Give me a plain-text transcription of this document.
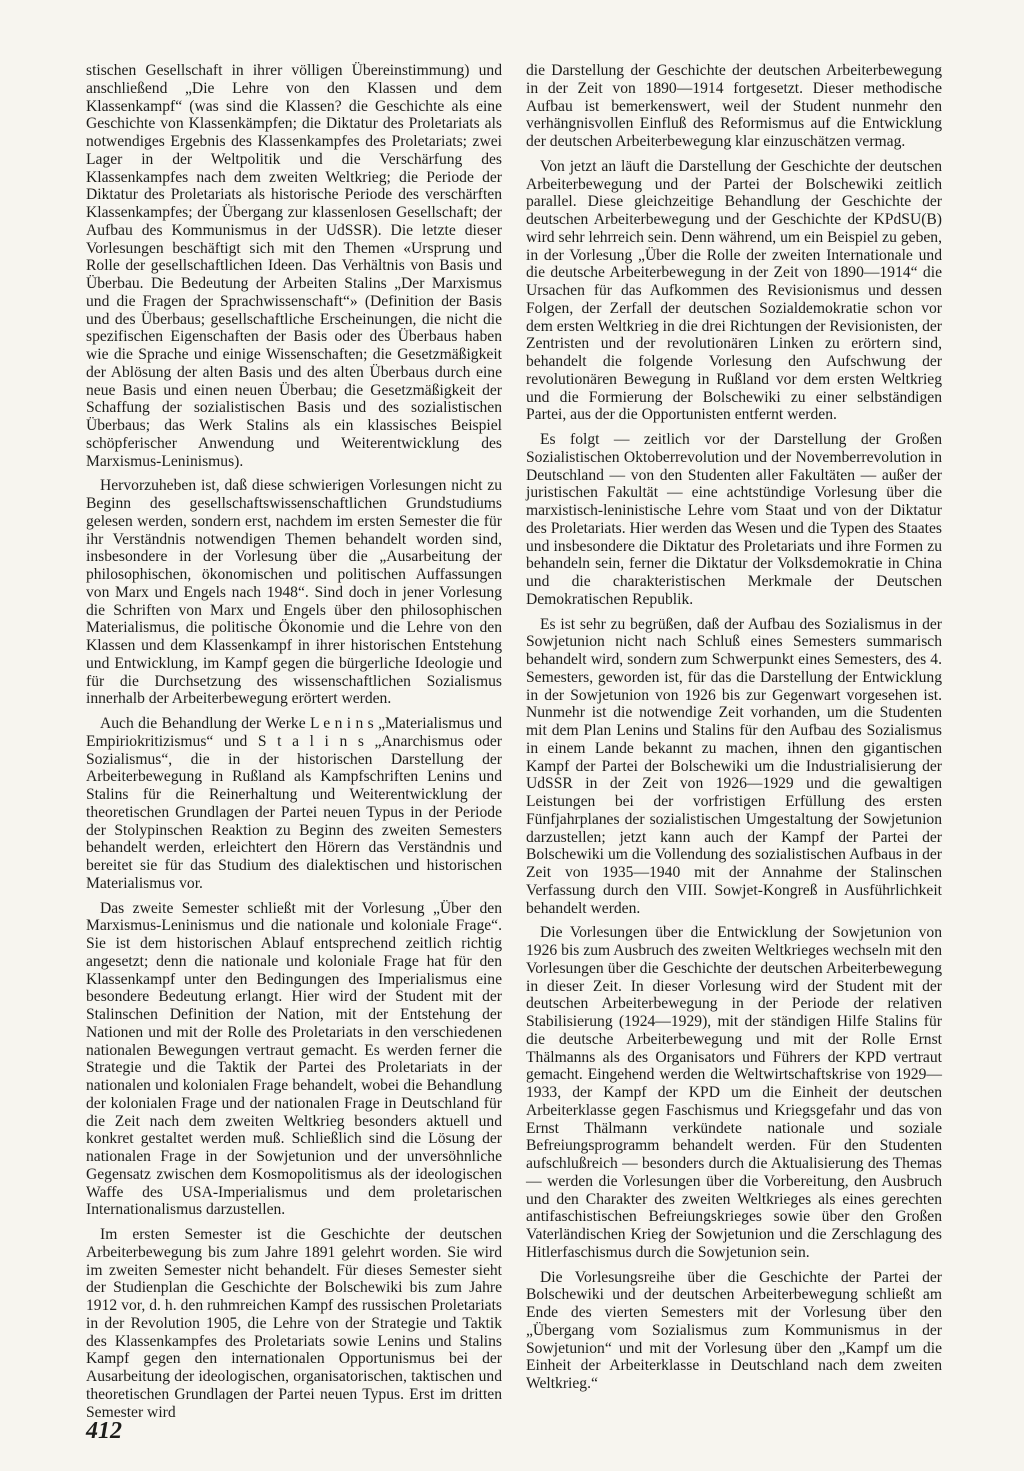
stischen Gesellschaft in ihrer völligen Übereinstimmung) und anschließend „Die Lehre von den Klassen und dem Klassenkampf“ (was sind die Klassen? die Geschichte als eine Geschichte von Klassenkämpfen; die Diktatur des Proletariats als notwendiges Ergebnis des Klassenkampfes des Proletariats; zwei Lager in der Weltpolitik und die Verschärfung des Klassenkampfes nach dem zweiten Weltkrieg; die Periode der Diktatur des Proletariats als historische Periode des verschärften Klassenkampfes; der Übergang zur klassenlosen Gesellschaft; der Aufbau des Kommunismus in der UdSSR). Die letzte dieser Vorlesungen beschäftigt sich mit den Themen «Ursprung und Rolle der gesellschaftlichen Ideen. Das Verhältnis von Basis und Überbau. Die Bedeutung der Arbeiten Stalins „Der Marxismus und die Fragen der Sprachwissenschaft“» (Definition der Basis und des Überbaus; gesellschaftliche Erscheinungen, die nicht die spezifischen Eigenschaften der Basis oder des Überbaus haben wie die Sprache und einige Wissenschaften; die Gesetzmäßigkeit der Ablösung der alten Basis und des alten Überbaus durch eine neue Basis und einen neuen Überbau; die Gesetzmäßigkeit der Schaffung der sozialistischen Basis und des sozialistischen Überbaus; das Werk Stalins als ein klassisches Beispiel schöpferischer Anwendung und Weiterentwicklung des Marxismus-Leninismus).

Hervorzuheben ist, daß diese schwierigen Vorlesungen nicht zu Beginn des gesellschaftswissenschaftlichen Grundstudiums gelesen werden, sondern erst, nachdem im ersten Semester die für ihr Verständnis notwendigen Themen behandelt worden sind, insbesondere in der Vorlesung über die „Ausarbeitung der philosophischen, ökonomischen und politischen Auffassungen von Marx und Engels nach 1948“. Sind doch in jener Vorlesung die Schriften von Marx und Engels über den philosophischen Materialismus, die politische Ökonomie und die Lehre von den Klassen und dem Klassenkampf in ihrer historischen Entstehung und Entwicklung, im Kampf gegen die bürgerliche Ideologie und für die Durchsetzung des wissenschaftlichen Sozialismus innerhalb der Arbeiterbewegung erörtert werden.

Auch die Behandlung der Werke L e n i n s „Materialismus und Empiriokritizismus“ und S t a l i n s „Anarchismus oder Sozialismus“, die in der historischen Darstellung der Arbeiterbewegung in Rußland als Kampfschriften Lenins und Stalins für die Reinerhaltung und Weiterentwicklung der theoretischen Grundlagen der Partei neuen Typus in der Periode der Stolypinschen Reaktion zu Beginn des zweiten Semesters behandelt werden, erleichtert den Hörern das Verständnis und bereitet sie für das Studium des dialektischen und historischen Materialismus vor.

Das zweite Semester schließt mit der Vorlesung „Über den Marxismus-Leninismus und die nationale und koloniale Frage“. Sie ist dem historischen Ablauf entsprechend zeitlich richtig angesetzt; denn die nationale und koloniale Frage hat für den Klassenkampf unter den Bedingungen des Imperialismus eine besondere Bedeutung erlangt. Hier wird der Student mit der Stalinschen Definition der Nation, mit der Entstehung der Nationen und mit der Rolle des Proletariats in den verschiedenen nationalen Bewegungen vertraut gemacht. Es werden ferner die Strategie und die Taktik der Partei des Proletariats in der nationalen und kolonialen Frage behandelt, wobei die Behandlung der kolonialen Frage und der nationalen Frage in Deutschland für die Zeit nach dem zweiten Weltkrieg besonders aktuell und konkret gestaltet werden muß. Schließlich sind die Lösung der nationalen Frage in der Sowjetunion und der unversöhnliche Gegensatz zwischen dem Kosmopolitismus als der ideologischen Waffe des USA-Imperialismus und dem proletarischen Internationalismus darzustellen.

Im ersten Semester ist die Geschichte der deutschen Arbeiterbewegung bis zum Jahre 1891 gelehrt worden. Sie wird im zweiten Semester nicht behandelt. Für dieses Semester sieht der Studienplan die Geschichte der Bolschewiki bis zum Jahre 1912 vor, d. h. den ruhmreichen Kampf des russischen Proletariats in der Revolution 1905, die Lehre von der Strategie und Taktik des Klassenkampfes des Proletariats sowie Lenins und Stalins Kampf gegen den internationalen Opportunismus bei der Ausarbeitung der ideologischen, organisatorischen, taktischen und theoretischen Grundlagen der Partei neuen Typus. Erst im dritten Semester wird

die Darstellung der Geschichte der deutschen Arbeiterbewegung in der Zeit von 1890—1914 fortgesetzt. Dieser methodische Aufbau ist bemerkenswert, weil der Student nunmehr den verhängnisvollen Einfluß des Reformismus auf die Entwicklung der deutschen Arbeiterbewegung klar einzuschätzen vermag.

Von jetzt an läuft die Darstellung der Geschichte der deutschen Arbeiterbewegung und der Partei der Bolschewiki zeitlich parallel. Diese gleichzeitige Behandlung der Geschichte der deutschen Arbeiterbewegung und der Geschichte der KPdSU(B) wird sehr lehrreich sein. Denn während, um ein Beispiel zu geben, in der Vorlesung „Über die Rolle der zweiten Internationale und die deutsche Arbeiterbewegung in der Zeit von 1890—1914“ die Ursachen für das Aufkommen des Revisionismus und dessen Folgen, der Zerfall der deutschen Sozialdemokratie schon vor dem ersten Weltkrieg in die drei Richtungen der Revisionisten, der Zentristen und der revolutionären Linken zu erörtern sind, behandelt die folgende Vorlesung den Aufschwung der revolutionären Bewegung in Rußland vor dem ersten Weltkrieg und die Formierung der Bolschewiki zu einer selbständigen Partei, aus der die Opportunisten entfernt werden.

Es folgt — zeitlich vor der Darstellung der Großen Sozialistischen Oktoberrevolution und der Novemberrevolution in Deutschland — von den Studenten aller Fakultäten — außer der juristischen Fakultät — eine achtstündige Vorlesung über die marxistisch-leninistische Lehre vom Staat und von der Diktatur des Proletariats. Hier werden das Wesen und die Typen des Staates und insbesondere die Diktatur des Proletariats und ihre Formen zu behandeln sein, ferner die Diktatur der Volksdemokratie in China und die charakteristischen Merkmale der Deutschen Demokratischen Republik.

Es ist sehr zu begrüßen, daß der Aufbau des Sozialismus in der Sowjetunion nicht nach Schluß eines Semesters summarisch behandelt wird, sondern zum Schwerpunkt eines Semesters, des 4. Semesters, geworden ist, für das die Darstellung der Entwicklung in der Sowjetunion von 1926 bis zur Gegenwart vorgesehen ist. Nunmehr ist die notwendige Zeit vorhanden, um die Studenten mit dem Plan Lenins und Stalins für den Aufbau des Sozialismus in einem Lande bekannt zu machen, ihnen den gigantischen Kampf der Partei der Bolschewiki um die Industrialisierung der UdSSR in der Zeit von 1926—1929 und die gewaltigen Leistungen bei der vorfristigen Erfüllung des ersten Fünfjahrplanes der sozialistischen Umgestaltung der Sowjetunion darzustellen; jetzt kann auch der Kampf der Partei der Bolschewiki um die Vollendung des sozialistischen Aufbaus in der Zeit von 1935—1940 mit der Annahme der Stalinschen Verfassung durch den VIII. Sowjet-Kongreß in Ausführlichkeit behandelt werden.

Die Vorlesungen über die Entwicklung der Sowjetunion von 1926 bis zum Ausbruch des zweiten Weltkrieges wechseln mit den Vorlesungen über die Geschichte der deutschen Arbeiterbewegung in dieser Zeit. In dieser Vorlesung wird der Student mit der deutschen Arbeiterbewegung in der Periode der relativen Stabilisierung (1924—1929), mit der ständigen Hilfe Stalins für die deutsche Arbeiterbewegung und mit der Rolle Ernst Thälmanns als des Organisators und Führers der KPD vertraut gemacht. Eingehend werden die Weltwirtschaftskrise von 1929—1933, der Kampf der KPD um die Einheit der deutschen Arbeiterklasse gegen Faschismus und Kriegsgefahr und das von Ernst Thälmann verkündete nationale und soziale Befreiungsprogramm behandelt werden. Für den Studenten aufschlußreich — besonders durch die Aktualisierung des Themas — werden die Vorlesungen über die Vorbereitung, den Ausbruch und den Charakter des zweiten Weltkrieges als eines gerechten antifaschistischen Befreiungskrieges sowie über den Großen Vaterländischen Krieg der Sowjetunion und die Zerschlagung des Hitlerfaschismus durch die Sowjetunion sein.

Die Vorlesungsreihe über die Geschichte der Partei der Bolschewiki und der deutschen Arbeiterbewegung schließt am Ende des vierten Semesters mit der Vorlesung über den „Übergang vom Sozialismus zum Kommunismus in der Sowjetunion“ und mit der Vorlesung über den „Kampf um die Einheit der Arbeiterklasse in Deutschland nach dem zweiten Weltkrieg.“

412
